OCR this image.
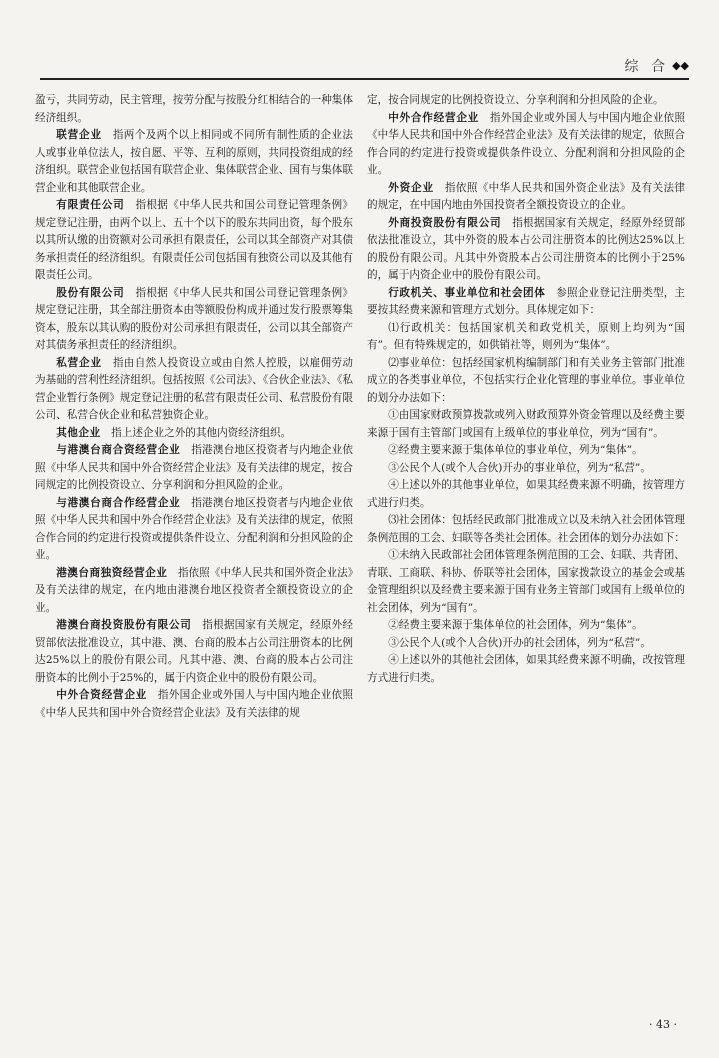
综 合 ◆◆

盈亏，共同劳动，民主管理，按劳分配与按股分红相结合的一种集体经济组织。

联营企业　 指两个及两个以上相同或不同所有制性质的企业法人或事业单位法人，按自愿、平等、互利的原则，共同投资组成的经济组织。联营企业包括国有联营企业、集体联营企业、国有与集体联营企业和其他联营企业。

有限责任公司　 指根据《中华人民共和国公司登记管理条例》规定登记注册，由两个以上、五十个以下的股东共同出资，每个股东以其所认缴的出资额对公司承担有限责任，公司以其全部资产对其债务承担责任的经济组织。有限责任公司包括国有独资公司以及其他有限责任公司。

股份有限公司　 指根据《中华人民共和国公司登记管理条例》规定登记注册，其全部注册资本由等额股份构成并通过发行股票筹集资本，股东以其认购的股份对公司承担有限责任，公司以其全部资产对其债务承担责任的经济组织。

私营企业　 指由自然人投资设立或由自然人控股，以雇佣劳动为基础的营利性经济组织。包括按照《公司法》、《合伙企业法》、《私营企业暂行条例》规定登记注册的私营有限责任公司、私营股份有限公司、私营合伙企业和私营独资企业。

其他企业　 指上述企业之外的其他内资经济组织。

与港澳台商合资经营企业　 指港澳台地区投资者与内地企业依照《中华人民共和国中外合资经营企业法》及有关法律的规定，按合同规定的比例投资设立、分享利润和分担风险的企业。

与港澳台商合作经营企业　 指港澳台地区投资者与内地企业依照《中华人民共和国中外合作经营企业法》及有关法律的规定，依照合作合同的约定进行投资或提供条件设立、分配利润和分担风险的企业。

港澳台商独资经营企业　 指依照《中华人民共和国外资企业法》及有关法律的规定，在内地由港澳台地区投资者全额投资设立的企业。

港澳台商投资股份有限公司　 指根据国家有关规定，经原外经贸部依法批准设立，其中港、澳、台商的股本占公司注册资本的比例达25%以上的股份有限公司。凡其中港、澳、台商的股本占公司注册资本的比例小于25%的，属于内资企业中的股份有限公司。

中外合资经营企业　 指外国企业或外国人与中国内地企业依照《中华人民共和国中外合资经营企业法》及有关法律的规

定，按合同规定的比例投资设立、分享利润和分担风险的企业。

中外合作经营企业　 指外国企业或外国人与中国内地企业依照《中华人民共和国中外合作经营企业法》及有关法律的规定，依照合作合同的约定进行投资或提供条件设立、分配利润和分担风险的企业。

外资企业　 指依照《中华人民共和国外资企业法》及有关法律的规定，在中国内地由外国投资者全额投资设立的企业。

外商投资股份有限公司　 指根据国家有关规定，经原外经贸部依法批准设立，其中外资的股本占公司注册资本的比例达25%以上的股份有限公司。凡其中外资股本占公司注册资本的比例小于25%的，属于内资企业中的股份有限公司。

行政机关、事业单位和社会团体　 参照企业登记注册类型，主要按其经费来源和管理方式划分。具体规定如下：

⑴行政机关：包括国家机关和政党机关，原则上均列为“国有”。但有特殊规定的，如供销社等，则列为“集体”。

⑵事业单位：包括经国家机构编制部门和有关业务主管部门批准成立的各类事业单位，不包括实行企业化管理的事业单位。事业单位的划分办法如下：

①由国家财政预算拨款或列入财政预算外资金管理以及经费主要来源于国有主管部门或国有上级单位的事业单位，列为“国有”。

②经费主要来源于集体单位的事业单位，列为“集体”。

③公民个人(或个人合伙)开办的事业单位，列为“私营”。

④上述以外的其他事业单位，如果其经费来源不明确，按管理方式进行归类。

⑶社会团体：包括经民政部门批准成立以及未纳入社会团体管理条例范围的工会、妇联等各类社会团体。社会团体的划分办法如下：

①未纳入民政部社会团体管理条例范围的工会、妇联、共青团、青联、工商联、科协、侨联等社会团体，国家拨款设立的基金会或基金管理组织以及经费主要来源于国有业务主管部门或国有上级单位的社会团体，列为“国有”。

②经费主要来源于集体单位的社会团体，列为“集体”。

③公民个人(或个人合伙)开办的社会团体，列为“私营”。

④上述以外的其他社会团体，如果其经费来源不明确，改按管理方式进行归类。

· 43 ·
